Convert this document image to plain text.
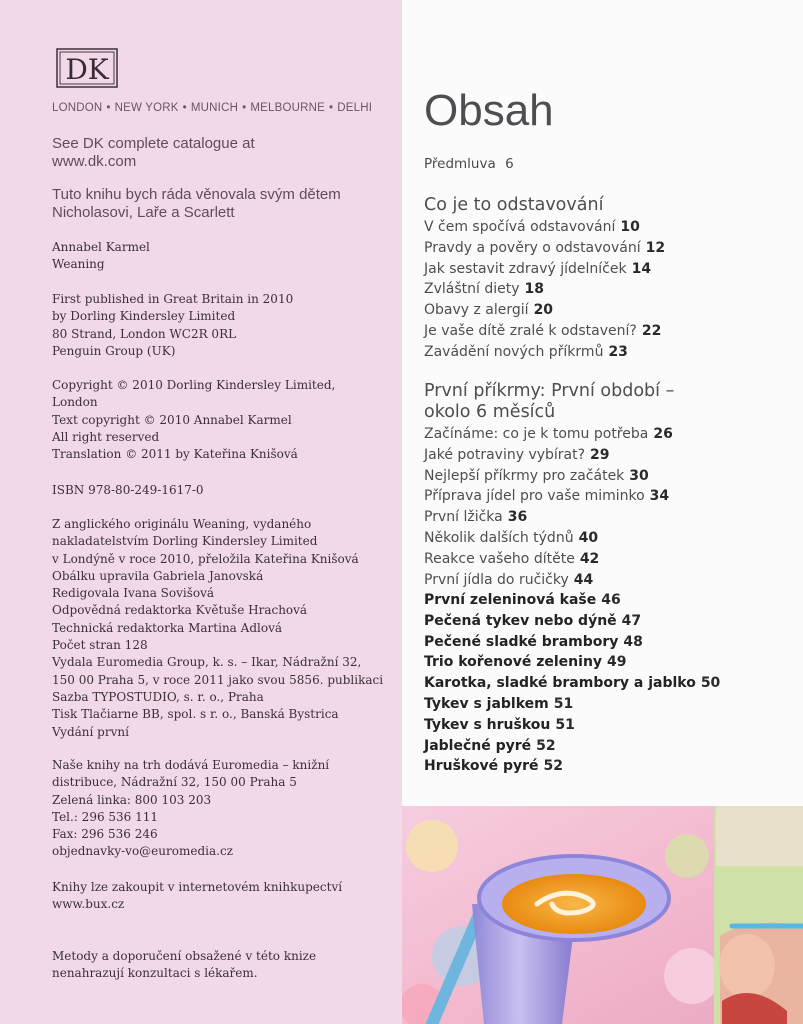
DK
LONDON • NEW YORK • MUNICH • MELBOURNE • DELHI
See DK complete catalogue at
www.dk.com
Tuto knihu bych ráda věnovala svým dětem
Nicholasovi, Laře a Scarlett
Annabel Karmel
Weaning
First published in Great Britain in 2010
by Dorling Kindersley Limited
80 Strand, London WC2R 0RL
Penguin Group (UK)
Copyright © 2010 Dorling Kindersley Limited,
London
Text copyright © 2010 Annabel Karmel
All right reserved
Translation © 2011 by Kateřina Knišová
ISBN 978-80-249-1617-0
Z anglického originálu Weaning, vydaného
nakladatelstvím Dorling Kindersley Limited
v Londýně v roce 2010, přeložila Kateřina Knišová
Obálku upravila Gabriela Janovská
Redigovala Ivana Sovišová
Odpovědná redaktorka Květuše Hrachová
Technická redaktorka Martina Adlová
Počet stran 128
Vydala Euromedia Group, k. s. – Ikar, Nádražní 32,
150 00 Praha 5, v roce 2011 jako svou 5856. publikaci
Sazba TYPOSTUDIO, s. r. o., Praha
Tisk Tlačiarne BB, spol. s r. o., Banská Bystrica
Vydání první
Naše knihy na trh dodává Euromedia – knižní
distribuce, Nádražní 32, 150 00 Praha 5
Zelená linka: 800 103 203
Tel.: 296 536 111
Fax: 296 536 246
objednavky-vo@euromedia.cz
Knihy lze zakoupit v internetovém knihkupectví
www.bux.cz
Metody a doporučení obsažené v této knize
nenahrazují konzultaci s lékařem.
Obsah
Předmluva 6
Co je to odstavování
V čem spočívá odstavování 10
Pravdy a pověry o odstavování 12
Jak sestavit zdravý jídelníček 14
Zvláštní diety 18
Obavy z alergií 20
Je vaše dítě zralé k odstavení? 22
Zavádění nových příkrmů 23
První příkrmy: První období –
okolo 6 měsíců
Začínáme: co je k tomu potřeba 26
Jaké potraviny vybírat? 29
Nejlepší příkrmy pro začátek 30
Příprava jídel pro vaše miminko 34
První lžička 36
Několik dalších týdnů 40
Reakce vašeho dítěte 42
První jídla do ručičky 44
První zeleninová kaše 46
Pečená tykev nebo dýně 47
Pečené sladké brambory 48
Trio kořenové zeleniny 49
Karotka, sladké brambory a jablko 50
Tykev s jablkem 51
Tykev s hruškou 51
Jablečné pyré 52
Hruškové pyré 52
